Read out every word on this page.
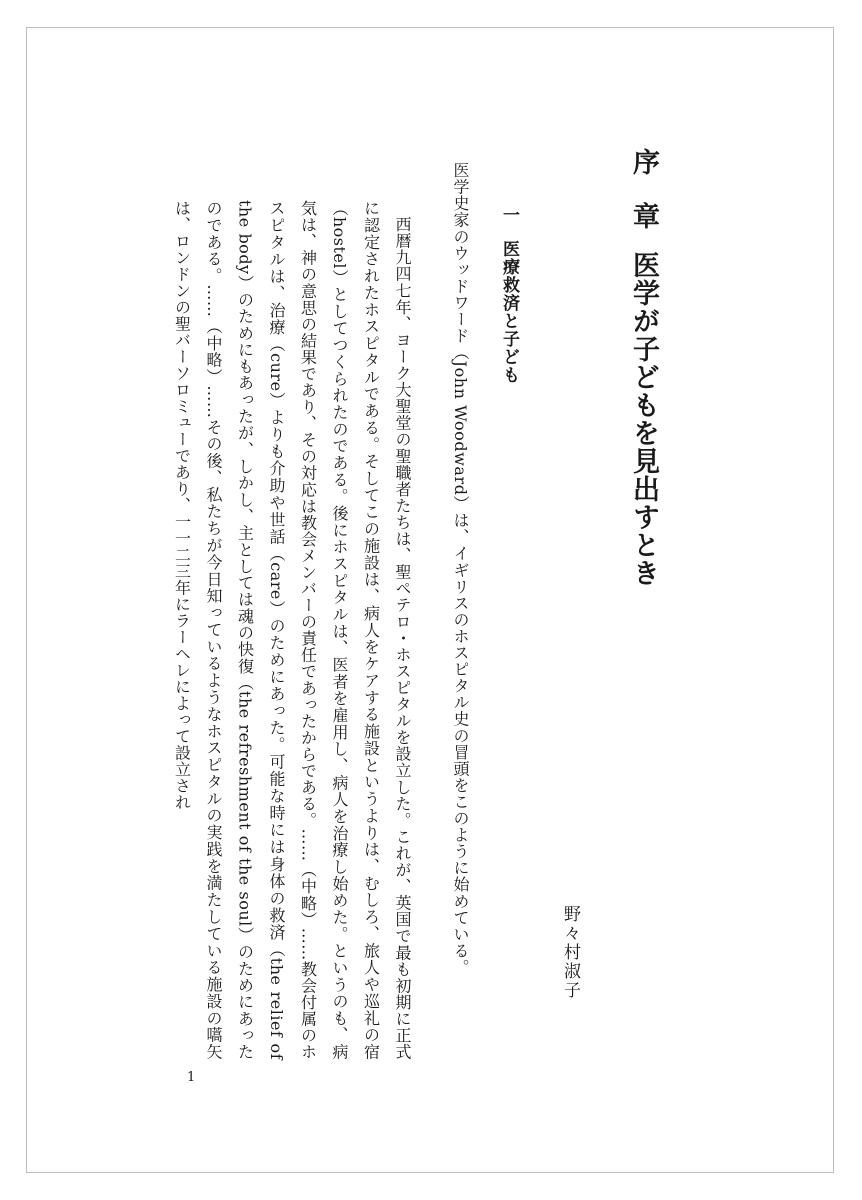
序　章医学が子どもを見出すとき
野々村淑子
一医療救済と子ども
医学史家のウッドワード（John Woodward）は、イギリスのホスピタル史の冒頭をこのように始めている。

西暦九四七年、ヨーク大聖堂の聖職者たちは、聖ペテロ・ホスピタルを設立した。これが、英国で最も初期に正式に認定されたホスピタルである。そしてこの施設は、病人をケアする施設というよりは、むしろ、旅人や巡礼の宿（hostel）としてつくられたのである。後にホスピタルは、医者を雇用し、病人を治療し始めた。というのも、病気は、神の意思の結果であり、その対応は教会メンバーの責任であったからである。……（中略）……教会付属のホスピタルは、治療（cure）よりも介助や世話（care）のためにあった。可能な時には身体の救済（the relief of the body）のためにもあったが、しかし、主としては魂の快復（the refreshment of the soul）のためにあったのである。……（中略）……その後、私たちが今日知っているようなホスピタルの実践を満たしている施設の嚆矢は、ロンドンの聖バーソロミューであり、一一二三年にラーヘレによって設立され

1
